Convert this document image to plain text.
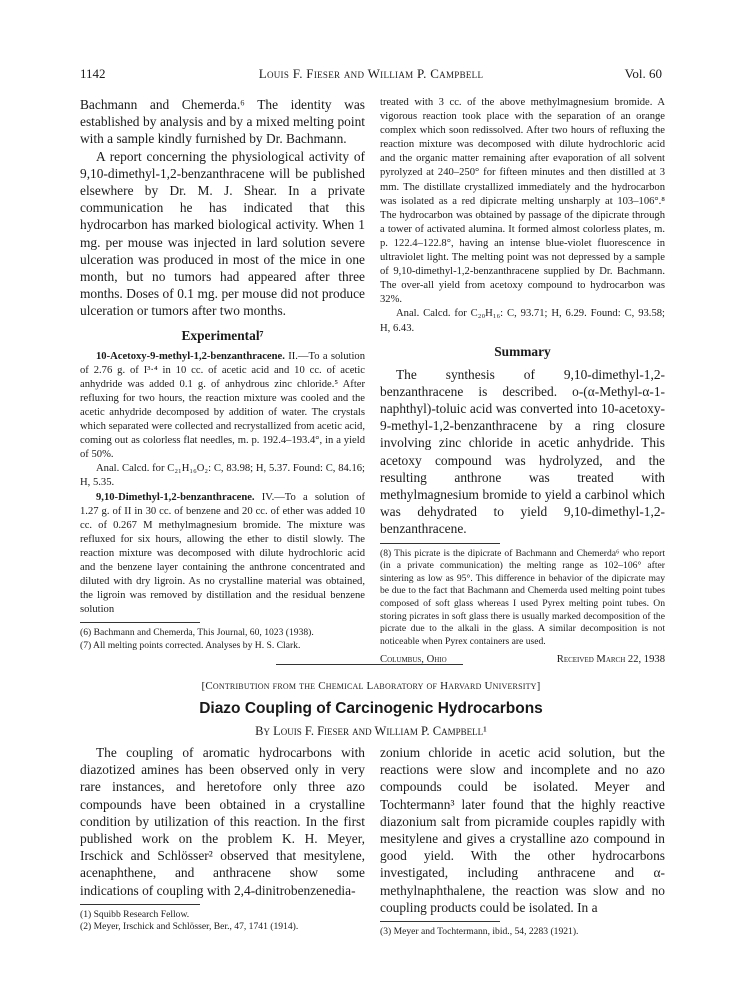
1142	Louis F. Fieser and William P. Campbell	Vol. 60

Bachmann and Chemerda.⁶ The identity was established by analysis and by a mixed melting point with a sample kindly furnished by Dr. Bachmann.

A report concerning the physiological activity of 9,10-dimethyl-1,2-benzanthracene will be published elsewhere by Dr. M. J. Shear. In a private communication he has indicated that this hydrocarbon has marked biological activity. When 1 mg. per mouse was injected in lard solution severe ulceration was produced in most of the mice in one month, but no tumors had appeared after three months. Doses of 0.1 mg. per mouse did not produce ulceration or tumors after two months.

Experimental⁷

10-Acetoxy-9-methyl-1,2-benzanthracene. II.—To a solution of 2.76 g. of I³·⁴ in 10 cc. of acetic acid and 10 cc. of acetic anhydride was added 0.1 g. of anhydrous zinc chloride.⁵ After refluxing for two hours, the reaction mixture was cooled and the acetic anhydride decomposed by addition of water. The crystals which separated were collected and recrystallized from acetic acid, coming out as colorless flat needles, m. p. 192.4–193.4°, in a yield of 50%.

Anal. Calcd. for C₂₁H₁₆O₂: C, 83.98; H, 5.37. Found: C, 84.16; H, 5.35.

9,10-Dimethyl-1,2-benzanthracene. IV.—To a solution of 1.27 g. of II in 30 cc. of benzene and 20 cc. of ether was added 10 cc. of 0.267 M methylmagnesium bromide. The mixture was refluxed for six hours, allowing the ether to distil slowly. The reaction mixture was decomposed with dilute hydrochloric acid and the benzene layer containing the anthrone concentrated and diluted with dry ligroin. As no crystalline material was obtained, the ligroin was removed by distillation and the residual benzene solution

(6) Bachmann and Chemerda, This Journal, 60, 1023 (1938).

(7) All melting points corrected. Analyses by H. S. Clark.

treated with 3 cc. of the above methylmagnesium bromide. A vigorous reaction took place with the separation of an orange complex which soon redissolved. After two hours of refluxing the reaction mixture was decomposed with dilute hydrochloric acid and the organic matter remaining after evaporation of all solvent pyrolyzed at 240–250° for fifteen minutes and then distilled at 3 mm. The distillate crystallized immediately and the hydrocarbon was isolated as a red dipicrate melting unsharply at 103–106°.⁸ The hydrocarbon was obtained by passage of the dipicrate through a tower of activated alumina. It formed almost colorless plates, m. p. 122.4–122.8°, having an intense blue-violet fluorescence in ultraviolet light. The melting point was not depressed by a sample of 9,10-dimethyl-1,2-benzanthracene supplied by Dr. Bachmann. The over-all yield from acetoxy compound to hydrocarbon was 32%.

Anal. Calcd. for C₂₀H₁₆: C, 93.71; H, 6.29. Found: C, 93.58; H, 6.43.

Summary

The synthesis of 9,10-dimethyl-1,2-benzanthracene is described. o-(α-Methyl-α-1-naphthyl)-toluic acid was converted into 10-acetoxy-9-methyl-1,2-benzanthracene by a ring closure involving zinc chloride in acetic anhydride. This acetoxy compound was hydrolyzed, and the resulting anthrone was treated with methylmagnesium bromide to yield a carbinol which was dehydrated to yield 9,10-dimethyl-1,2-benzanthracene.

(8) This picrate is the dipicrate of Bachmann and Chemerda⁶ who report (in a private communication) the melting range as 102–106° after sintering as low as 95°. This difference in behavior of the dipicrate may be due to the fact that Bachmann and Chemerda used melting point tubes composed of soft glass whereas I used Pyrex melting point tubes. On storing picrates in soft glass there is usually marked decomposition of the picrate due to the alkali in the glass. A similar decomposition is not noticeable when Pyrex containers are used.

Columbus, Ohio	Received March 22, 1938
[Contribution from the Chemical Laboratory of Harvard University]
Diazo Coupling of Carcinogenic Hydrocarbons
By Louis F. Fieser and William P. Campbell¹

The coupling of aromatic hydrocarbons with diazotized amines has been observed only in very rare instances, and heretofore only three azo compounds have been obtained in a crystalline condition by utilization of this reaction. In the first published work on the problem K. H. Meyer, Irschick and Schlösser² observed that mesitylene, acenaphthene, and anthracene show some indications of coupling with 2,4-dinitrobenzenedia-

(1) Squibb Research Fellow.

(2) Meyer, Irschick and Schlösser, Ber., 47, 1741 (1914).

zonium chloride in acetic acid solution, but the reactions were slow and incomplete and no azo compounds could be isolated. Meyer and Tochtermann³ later found that the highly reactive diazonium salt from picramide couples rapidly with mesitylene and gives a crystalline azo compound in good yield. With the other hydrocarbons investigated, including anthracene and α-methylnaphthalene, the reaction was slow and no coupling products could be isolated. In a

(3) Meyer and Tochtermann, ibid., 54, 2283 (1921).
